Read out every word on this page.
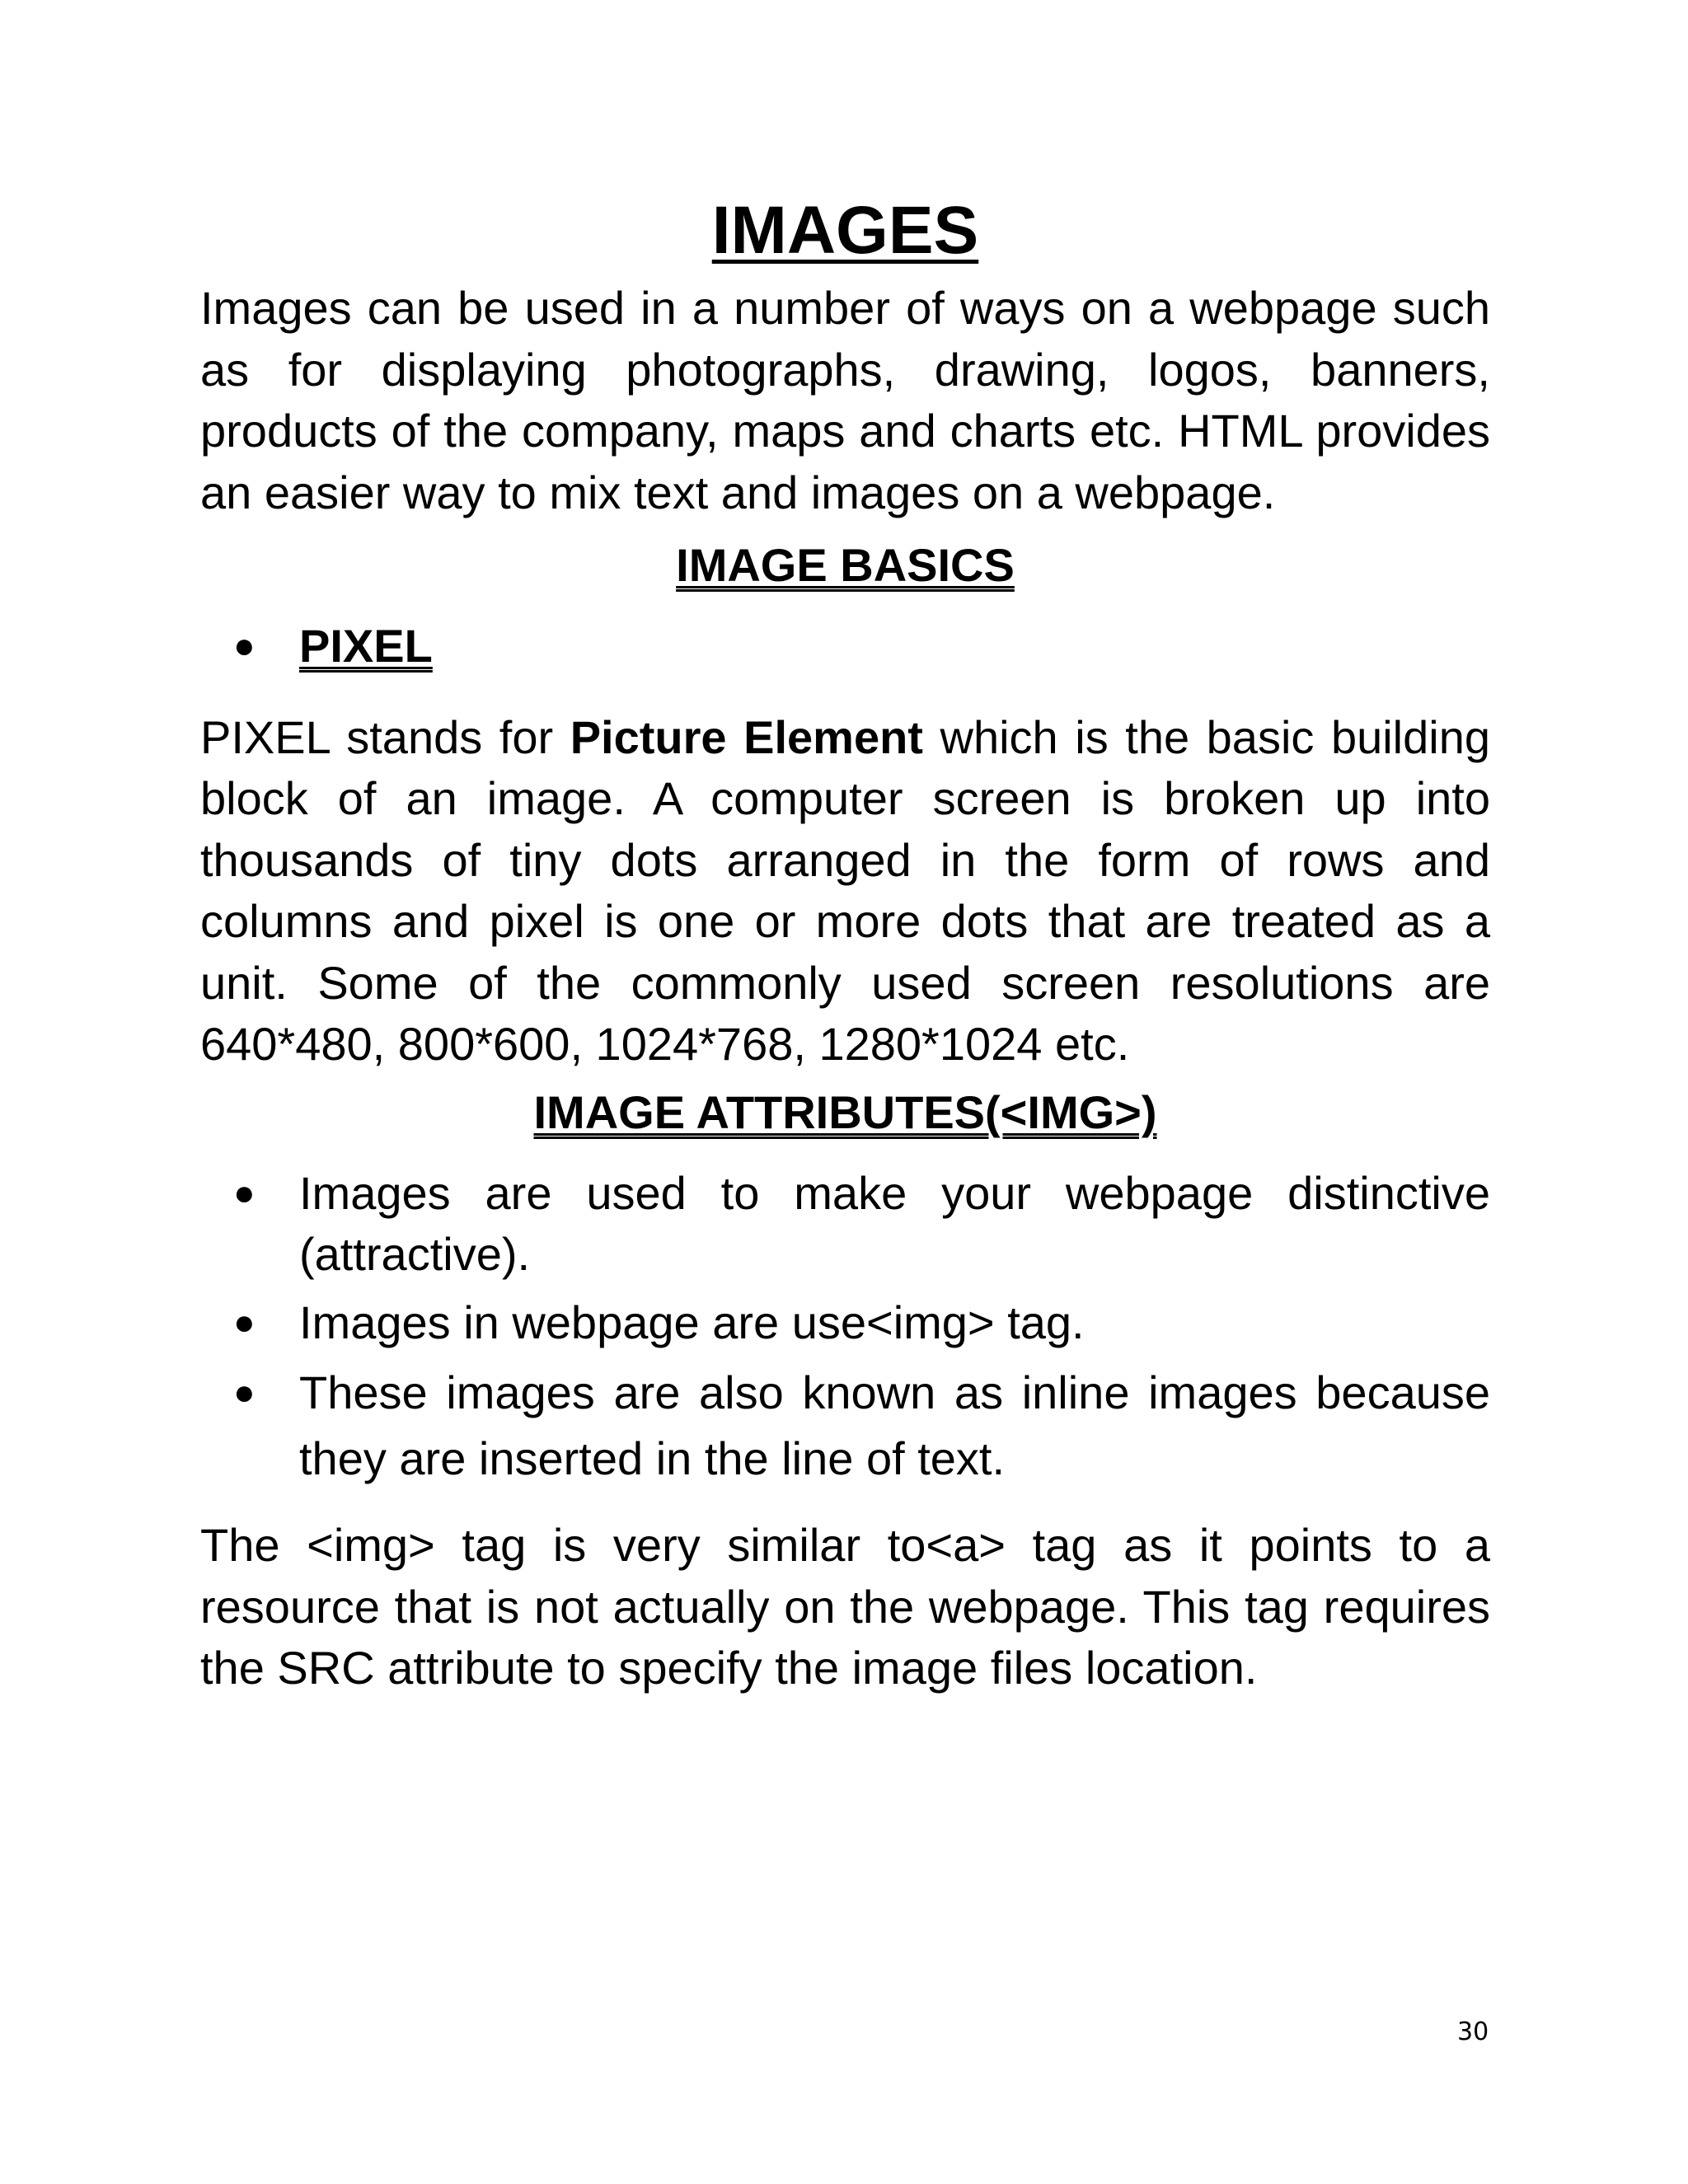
IMAGES

Images can be used in a number of ways on a webpage such as for displaying photographs, drawing, logos, banners, products of the company, maps and charts etc. HTML provides an easier way to mix text and images on a webpage.

IMAGE BASICS
● PIXEL

PIXEL stands for Picture Element which is the basic building block of an image. A computer screen is broken up into thousands of tiny dots arranged in the form of rows and columns and pixel is one or more dots that are treated as a unit. Some of the commonly used screen resolutions are 640*480, 800*600, 1024*768, 1280*1024 etc.

IMAGE ATTRIBUTES(<IMG>)
● Images are used to make your webpage distinctive (attractive).
● Images in webpage are use<img> tag.
● These images are also known as inline images because they are inserted in the line of text.

The <img> tag is very similar to<a> tag as it points to a resource that is not actually on the webpage. This tag requires the SRC attribute to specify the image files location.

30
